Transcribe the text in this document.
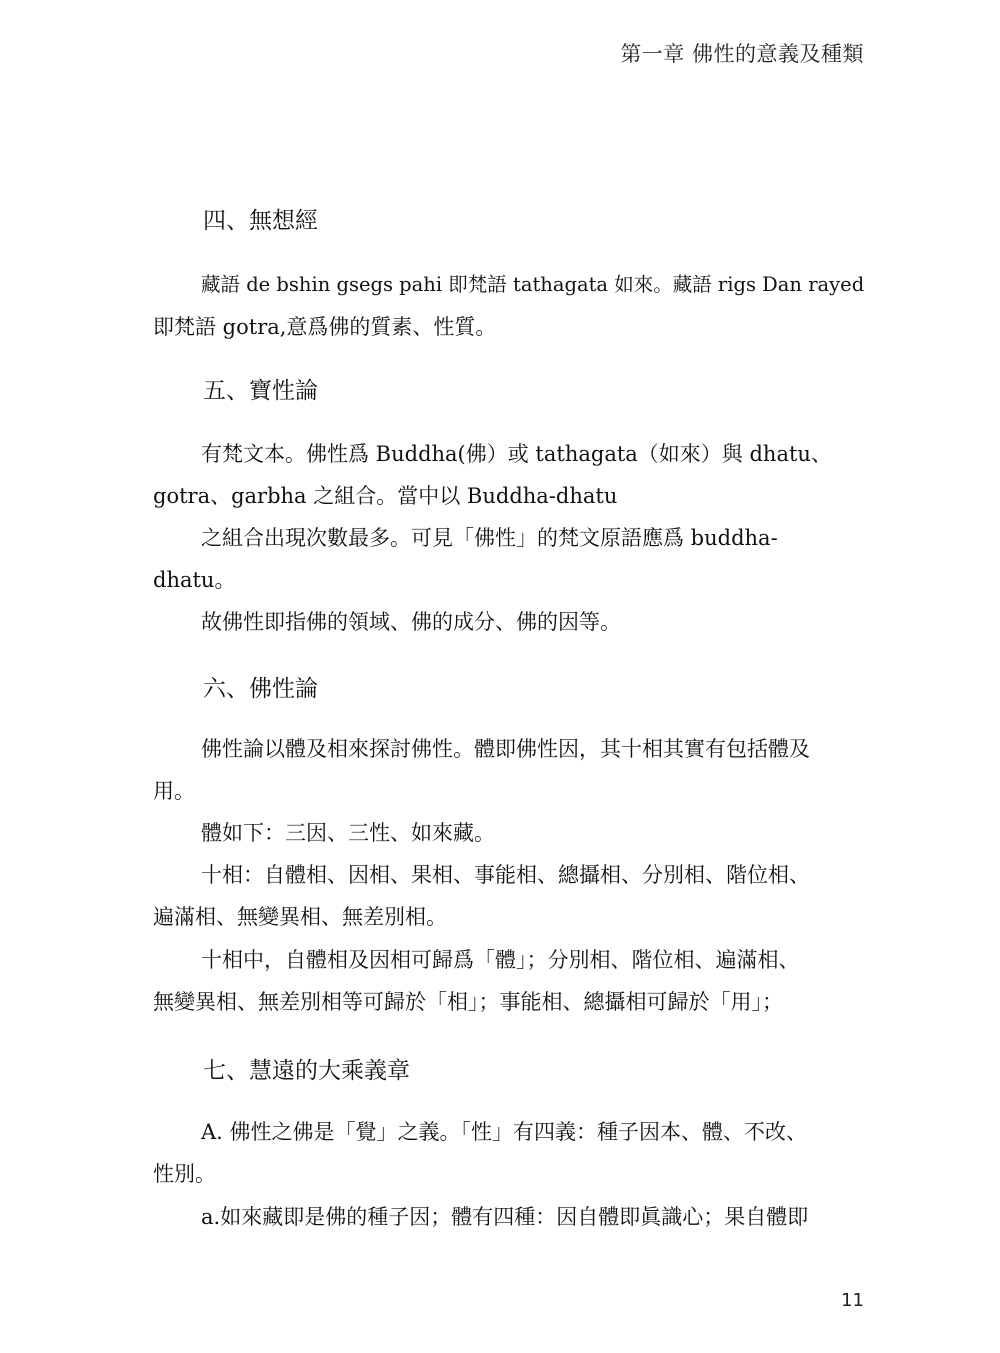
第一章 佛性的意義及種類
四、無想經
藏語 de bshin gsegs pahi 即梵語 tathagata 如來。藏語 rigs Dan rayed
即梵語 gotra,意爲佛的質素、性質。
五、寶性論
有梵文本。佛性爲 Buddha(佛）或 tathagata（如來）與 dhatu、
gotra、garbha 之組合。當中以 Buddha-dhatu
之組合出現次數最多。可見「佛性」的梵文原語應爲 buddha-
dhatu。
故佛性即指佛的領域、佛的成分、佛的因等。
六、佛性論
佛性論以體及相來探討佛性。體即佛性因，其十相其實有包括體及
用。
體如下：三因、三性、如來藏。
十相：自體相、因相、果相、事能相、總攝相、分別相、階位相、
遍滿相、無變異相、無差別相。
十相中，自體相及因相可歸爲「體」；分別相、階位相、遍滿相、
無變異相、無差別相等可歸於「相」；事能相、總攝相可歸於「用」；
七、慧遠的大乘義章
A. 佛性之佛是「覺」之義。「性」有四義：種子因本、體、不改、
性別。
a.如來藏即是佛的種子因；體有四種：因自體即眞識心；果自體即
11
